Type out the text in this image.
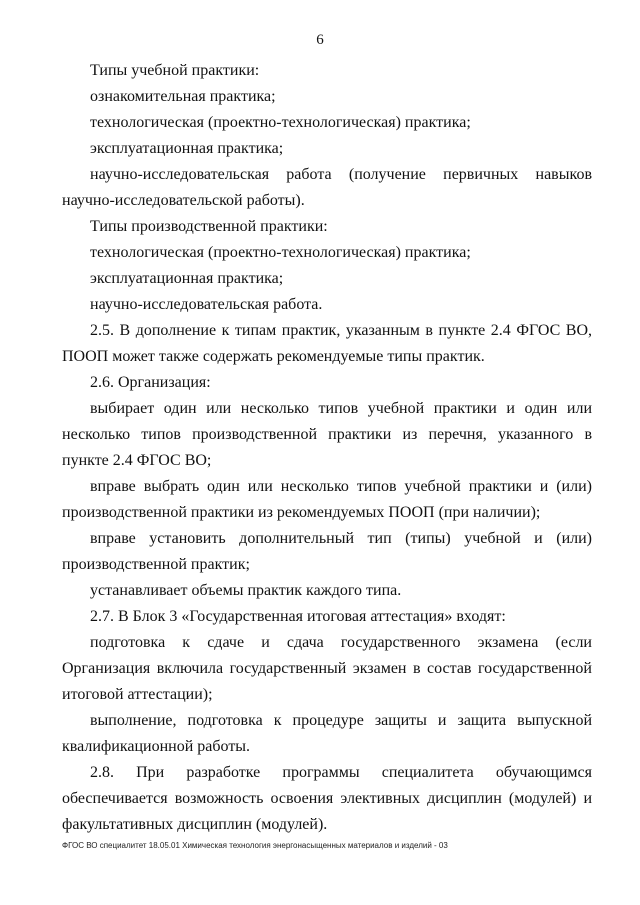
6

Типы учебной практики:

ознакомительная практика;

технологическая (проектно-технологическая) практика;

эксплуатационная практика;

научно-исследовательская работа (получение первичных навыков научно-исследовательской работы).

Типы производственной практики:

технологическая (проектно-технологическая) практика;

эксплуатационная практика;

научно-исследовательская работа.

2.5. В дополнение к типам практик, указанным в пункте 2.4 ФГОС ВО, ПООП может также содержать рекомендуемые типы практик.

2.6. Организация:

выбирает один или несколько типов учебной практики и один или несколько типов производственной практики из перечня, указанного в пункте 2.4 ФГОС ВО;

вправе выбрать один или несколько типов учебной практики и (или) производственной практики из рекомендуемых ПООП (при наличии);

вправе установить дополнительный тип (типы) учебной и (или) производственной практик;

устанавливает объемы практик каждого типа.

2.7. В Блок 3 «Государственная итоговая аттестация» входят:

подготовка к сдаче и сдача государственного экзамена (если Организация включила государственный экзамен в состав государственной итоговой аттестации);

выполнение, подготовка к процедуре защиты и защита выпускной квалификационной работы.

2.8. При разработке программы специалитета обучающимся обеспечивается возможность освоения элективных дисциплин (модулей) и факультативных дисциплин (модулей).

ФГОС ВО специалитет 18.05.01 Химическая технология энергонасыщенных материалов и изделий - 03
